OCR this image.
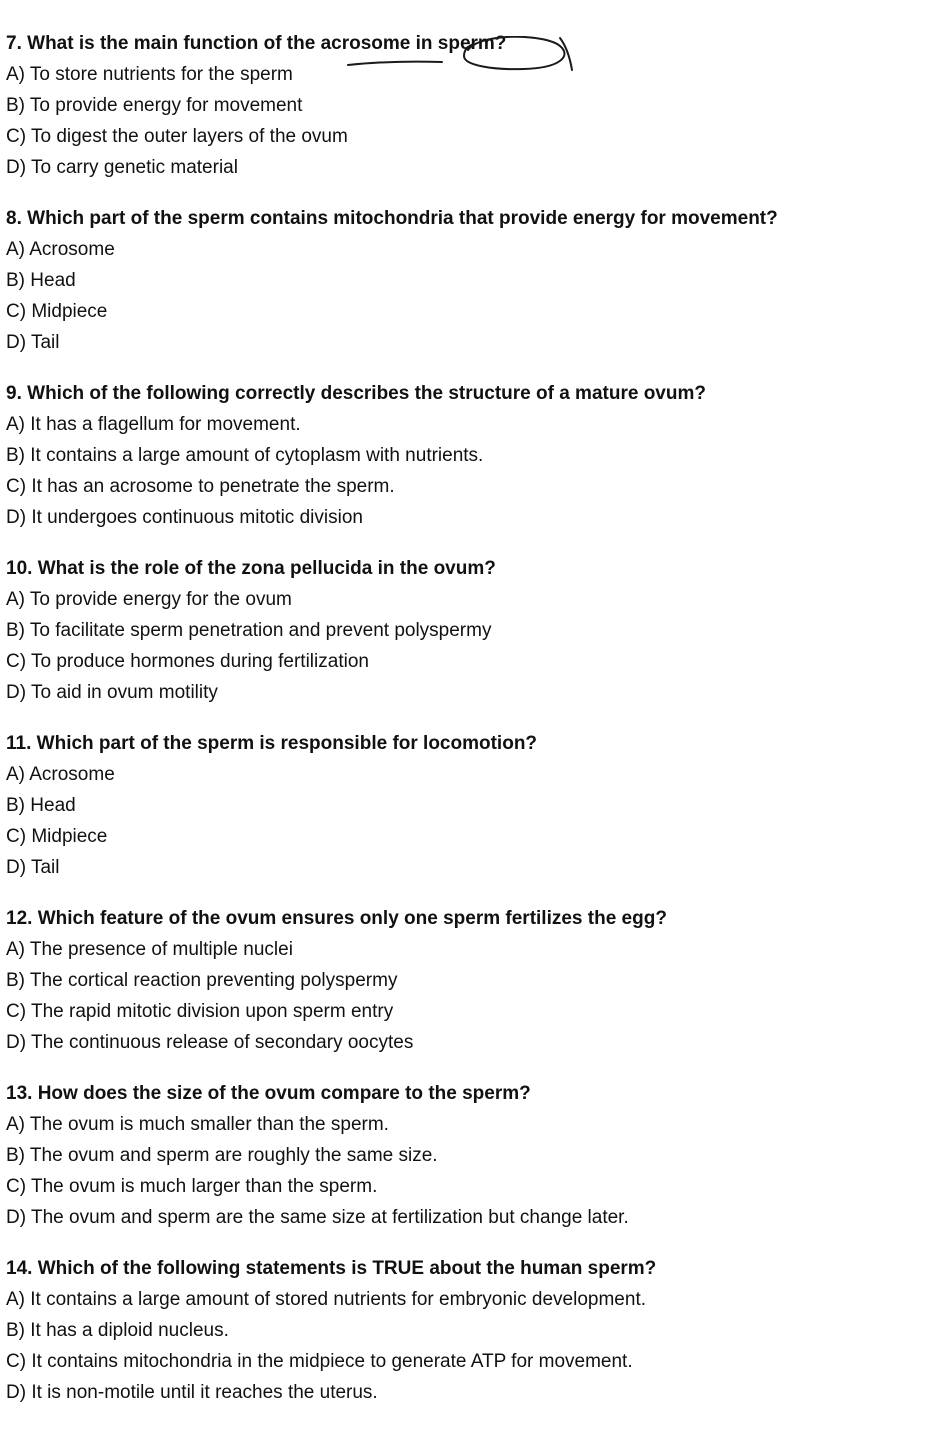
7. What is the main function of the acrosome in sperm?
A) To store nutrients for the sperm
B) To provide energy for movement
C) To digest the outer layers of the ovum
D) To carry genetic material
8. Which part of the sperm contains mitochondria that provide energy for movement?
A) Acrosome
B) Head
C) Midpiece
D) Tail
9. Which of the following correctly describes the structure of a mature ovum?
A) It has a flagellum for movement.
B) It contains a large amount of cytoplasm with nutrients.
C) It has an acrosome to penetrate the sperm.
D) It undergoes continuous mitotic division
10. What is the role of the zona pellucida in the ovum?
A) To provide energy for the ovum
B) To facilitate sperm penetration and prevent polyspermy
C) To produce hormones during fertilization
D) To aid in ovum motility
11. Which part of the sperm is responsible for locomotion?
A) Acrosome
B) Head
C) Midpiece
D) Tail
12. Which feature of the ovum ensures only one sperm fertilizes the egg?
A) The presence of multiple nuclei
B) The cortical reaction preventing polyspermy
C) The rapid mitotic division upon sperm entry
D) The continuous release of secondary oocytes
13. How does the size of the ovum compare to the sperm?
A) The ovum is much smaller than the sperm.
B) The ovum and sperm are roughly the same size.
C) The ovum is much larger than the sperm.
D) The ovum and sperm are the same size at fertilization but change later.
14. Which of the following statements is TRUE about the human sperm?
A) It contains a large amount of stored nutrients for embryonic development.
B) It has a diploid nucleus.
C) It contains mitochondria in the midpiece to generate ATP for movement.
D) It is non-motile until it reaches the uterus.
